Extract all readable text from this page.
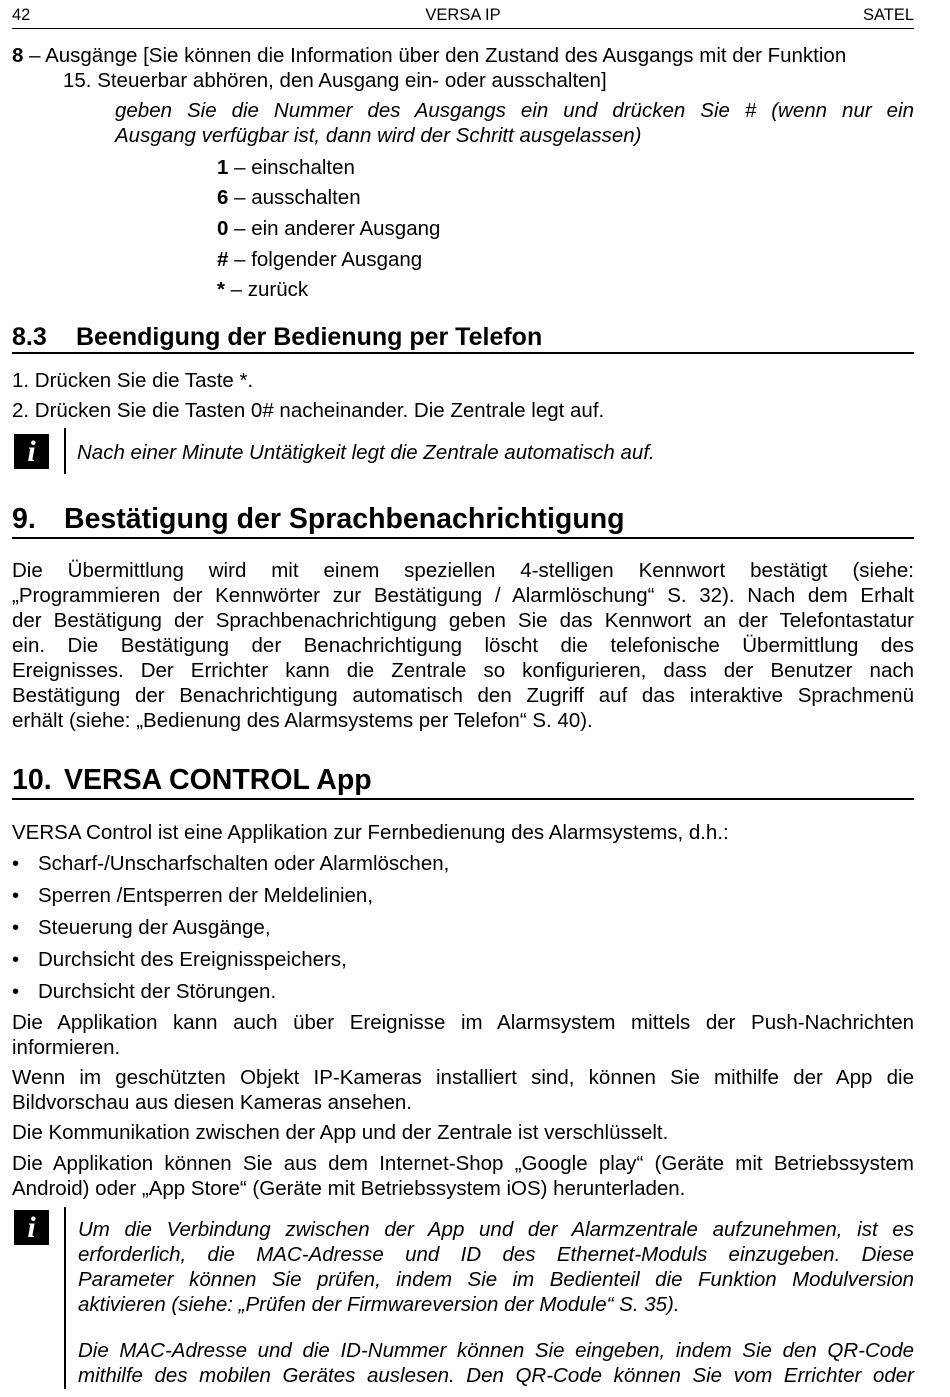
VERSA IP
42	SATEL
8 – Ausgänge [Sie können die Information über den Zustand des Ausgangs mit der Funktion
15. Steuerbar abhören, den Ausgang ein- oder ausschalten]
geben Sie die Nummer des Ausgangs ein und drücken Sie # (wenn nur ein
Ausgang verfügbar ist, dann wird der Schritt ausgelassen)
1 – einschalten
6 – ausschalten
0 – ein anderer Ausgang
# – folgender Ausgang
* – zurück
8.3 Beendigung der Bedienung per Telefon
1. Drücken Sie die Taste *.
2. Drücken Sie die Tasten 0# nacheinander. Die Zentrale legt auf.
i	Nach einer Minute Untätigkeit legt die Zentrale automatisch auf.
9. Bestätigung der Sprachbenachrichtigung
Die Übermittlung wird mit einem speziellen 4-stelligen Kennwort bestätigt (siehe:
„Programmieren der Kennwörter zur Bestätigung / Alarmlöschung“ S. 32). Nach dem Erhalt
der Bestätigung der Sprachbenachrichtigung geben Sie das Kennwort an der Telefontastatur
ein. Die Bestätigung der Benachrichtigung löscht die telefonische Übermittlung des
Ereignisses. Der Errichter kann die Zentrale so konfigurieren, dass der Benutzer nach
Bestätigung der Benachrichtigung automatisch den Zugriff auf das interaktive Sprachmenü
erhält (siehe: „Bedienung des Alarmsystems per Telefon“ S. 40).
10. VERSA CONTROL App
VERSA Control ist eine Applikation zur Fernbedienung des Alarmsystems, d.h.:
• Scharf-/Unscharfschalten oder Alarmlöschen,
• Sperren /Entsperren der Meldelinien,
• Steuerung der Ausgänge,
• Durchsicht des Ereignisspeichers,
• Durchsicht der Störungen.
Die Applikation kann auch über Ereignisse im Alarmsystem mittels der Push-Nachrichten
informieren.
Wenn im geschützten Objekt IP-Kameras installiert sind, können Sie mithilfe der App die
Bildvorschau aus diesen Kameras ansehen.
Die Kommunikation zwischen der App und der Zentrale ist verschlüsselt.
Die Applikation können Sie aus dem Internet-Shop „Google play“ (Geräte mit Betriebssystem
Android) oder „App Store“ (Geräte mit Betriebssystem iOS) herunterladen.
i	Um die Verbindung zwischen der App und der Alarmzentrale aufzunehmen, ist es
erforderlich, die MAC-Adresse und ID des Ethernet-Moduls einzugeben. Diese
Parameter können Sie prüfen, indem Sie im Bedienteil die Funktion Modulversion
aktivieren (siehe: „Prüfen der Firmwareversion der Module“ S. 35).
Die MAC-Adresse und die ID-Nummer können Sie eingeben, indem Sie den QR-Code
mithilfe des mobilen Gerätes auslesen. Den QR-Code können Sie vom Errichter oder
